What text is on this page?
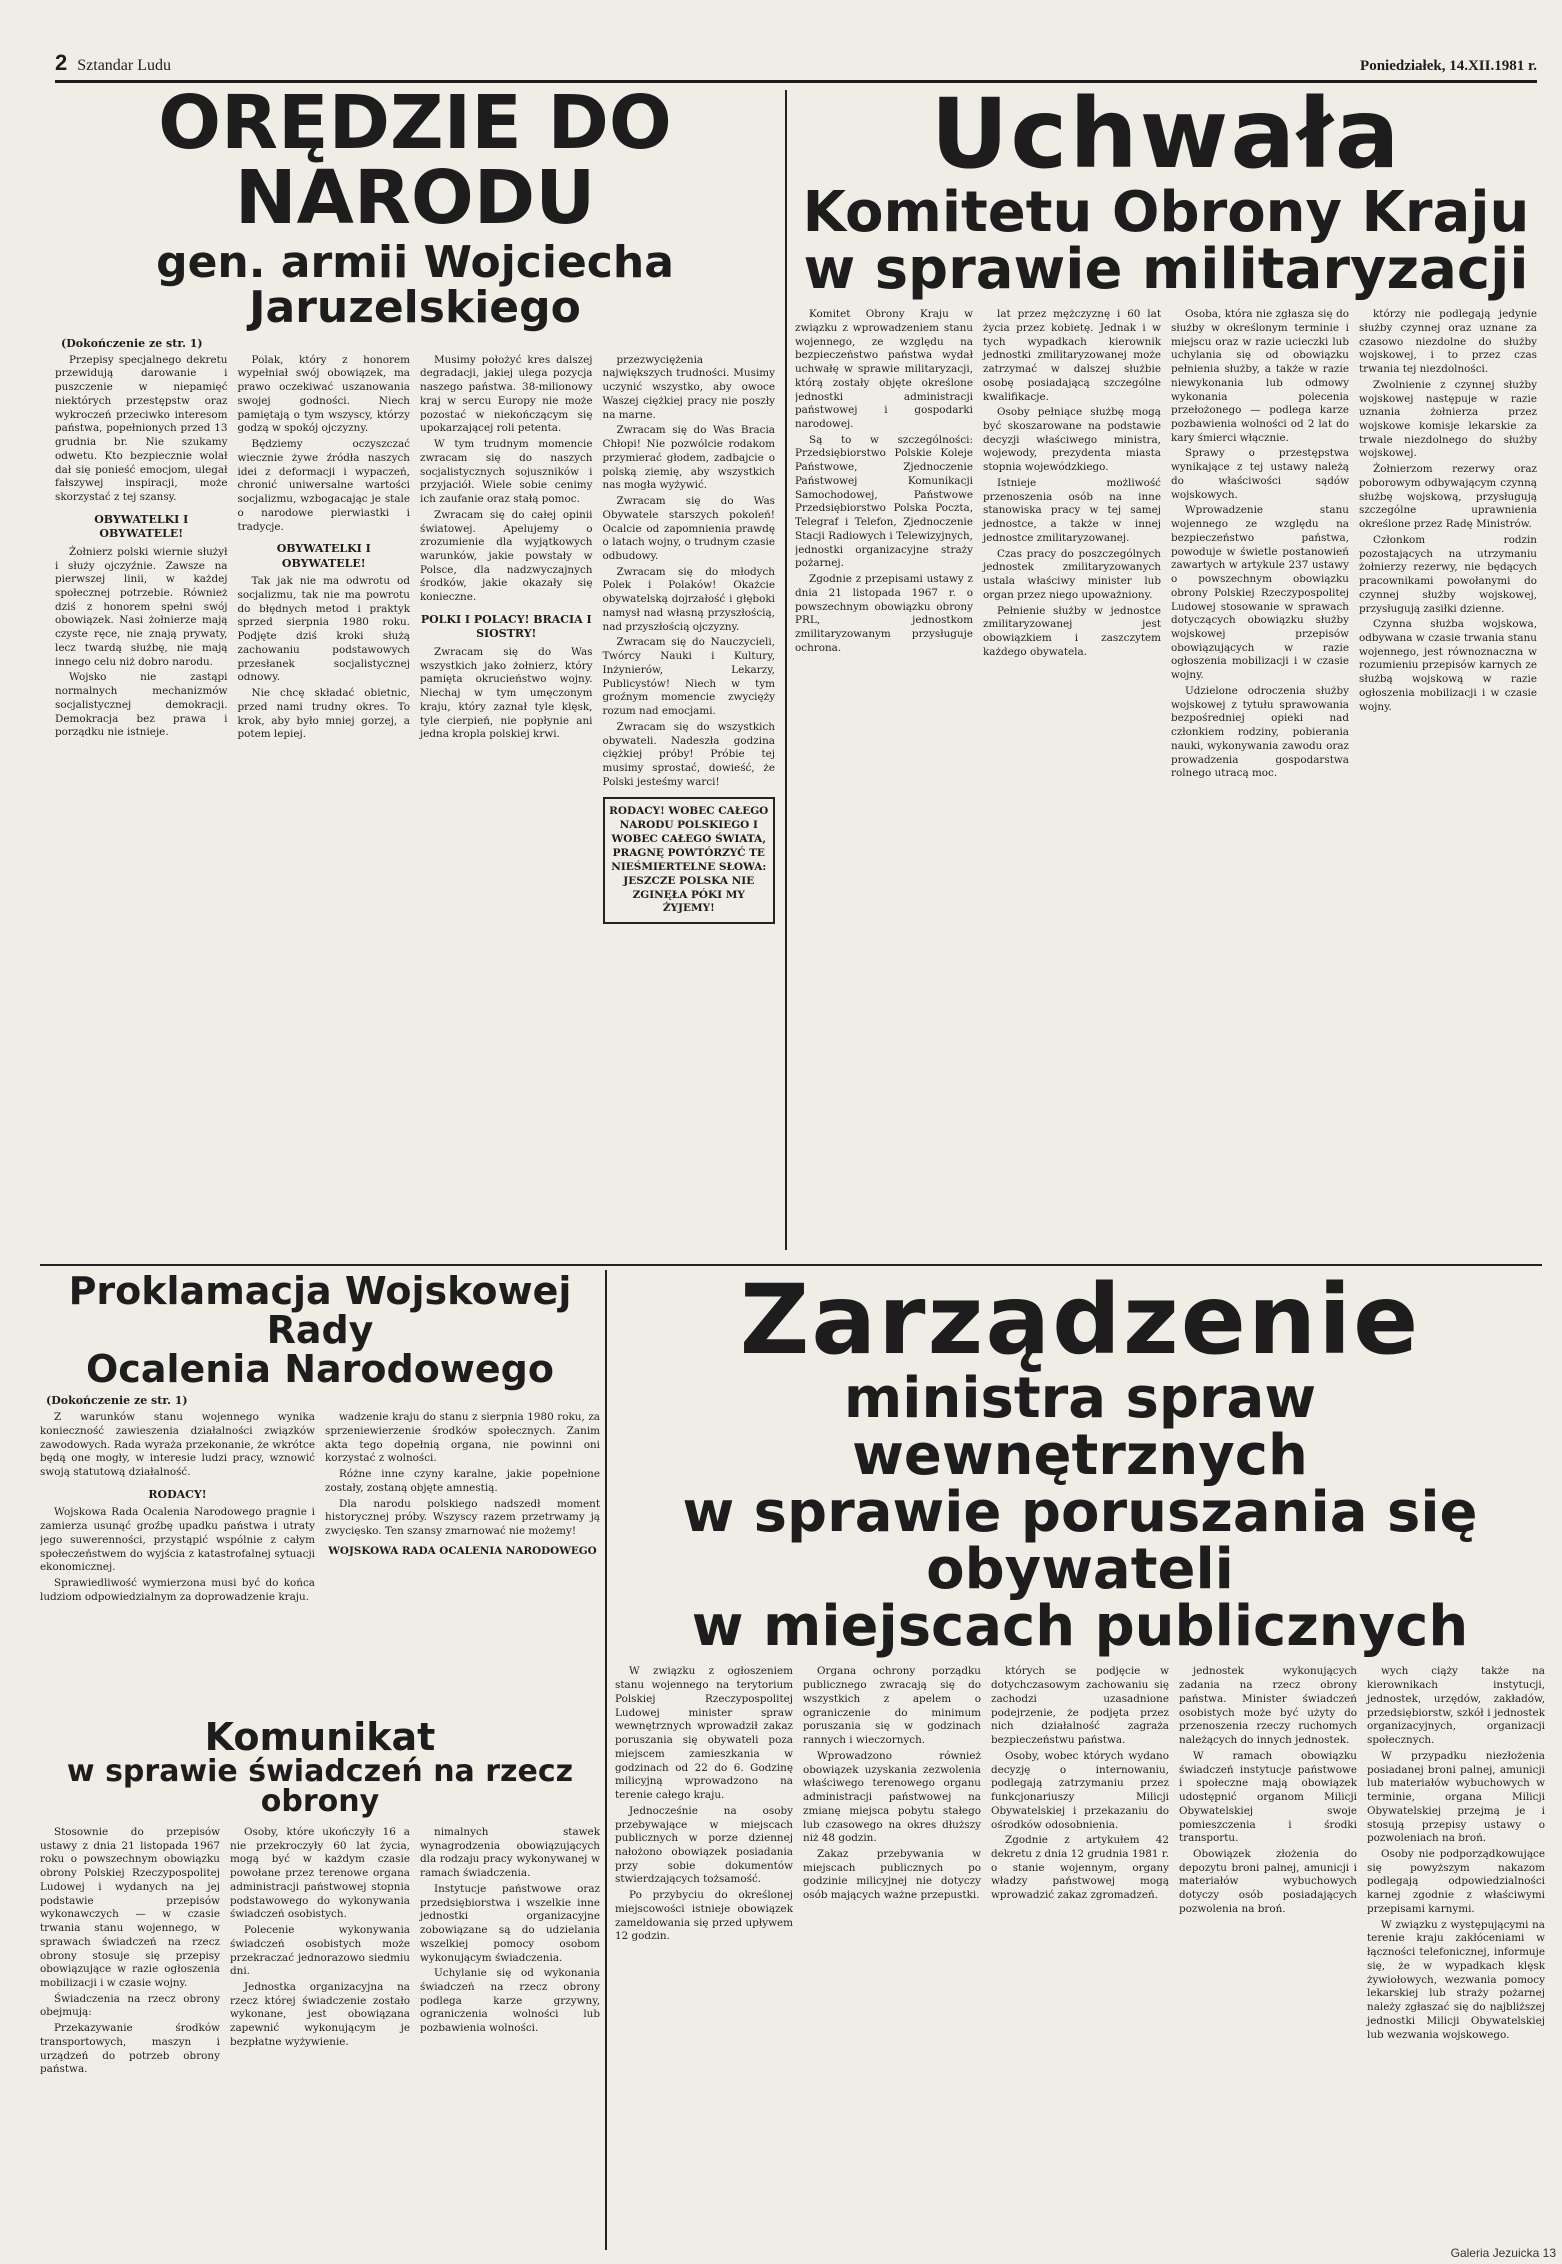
2 Sztandar Ludu	Poniedziałek, 14.XII.1981 r.
ORĘDZIE DO NARODU
gen. armii Wojciecha Jaruzelskiego
(Dokończenie ze str. 1)

Przepisy specjalnego dekretu przewidują darowanie i puszczenie w niepamięć niektórych przestępstw oraz wykroczeń przeciwko interesom państwa, popełnionych przed 13 grudnia br. Nie szukamy odwetu. Kto bezpiecznie wolał dał się ponieść emocjom, ulegał fałszywej inspiracji, może skorzystać z tej szansy.

OBYWATELKI I OBYWATELE!

Żołnierz polski wiernie służył i służy ojczyźnie. Zawsze na pierwszej linii, w każdej społecznej potrzebie. Również dziś z honorem spełni swój obowiązek. Nasi żołnierze mają czyste ręce, nie znają prywaty, lecz twardą służbę, nie mają innego celu niż dobro narodu.

Wojsko nie zastąpi normalnych mechanizmów socjalistycznej demokracji. Demokracja bez prawa i porządku nie istnieje.

Polak, który z honorem wypełniał swój obowiązek, ma prawo oczekiwać uszanowania swojej godności. Niech pamiętają o tym wszyscy, którzy godzą w spokój ojczyzny.

Będziemy oczyszczać wiecznie żywe źródła naszych idei z deformacji i wypaczeń, chronić uniwersalne wartości socjalizmu, wzbogacając je stale o narodowe pierwiastki i tradycje.

OBYWATELKI I OBYWATELE!

Tak jak nie ma odwrotu od socjalizmu, tak nie ma powrotu do błędnych metod i praktyk sprzed sierpnia 1980 roku. Podjęte dziś kroki służą zachowaniu podstawowych przesłanek socjalistycznej odnowy.

Nie chcę składać obietnic, przed nami trudny okres. To krok, aby było mniej gorzej, a potem lepiej.

Musimy położyć kres dalszej degradacji, jakiej ulega pozycja naszego państwa. 38-milionowy kraj w sercu Europy nie może pozostać w niekończącym się upokarzającej roli petenta.

W tym trudnym momencie zwracam się do naszych socjalistycznych sojuszników i przyjaciół. Wiele sobie cenimy ich zaufanie oraz stałą pomoc.

Zwracam się do całej opinii światowej. Apelujemy o zrozumienie dla wyjątkowych warunków, jakie powstały w Polsce, dla nadzwyczajnych środków, jakie okazały się konieczne.

POLKI I POLACY! BRACIA I SIOSTRY!

Zwracam się do Was wszystkich jako żołnierz, który pamięta okrucieństwo wojny. Niechaj w tym umęczonym kraju, który zaznał tyle klęsk, tyle cierpień, nie popłynie ani jedna kropla polskiej krwi.

przezwyciężenia największych trudności. Musimy uczynić wszystko, aby owoce Waszej ciężkiej pracy nie poszły na marne.

Zwracam się do Was Bracia Chłopi! Nie pozwólcie rodakom przymierać głodem, zadbajcie o polską ziemię, aby wszystkich nas mogła wyżywić.

Zwracam się do Was Obywatele starszych pokoleń! Ocalcie od zapomnienia prawdę o latach wojny, o trudnym czasie odbudowy.

Zwracam się do młodych Polek i Polaków! Okażcie obywatelską dojrzałość i głęboki namysł nad własną przyszłością, nad przyszłością ojczyzny.

Zwracam się do Nauczycieli, Twórcy Nauki i Kultury, Inżynierów, Lekarzy, Publicystów! Niech w tym groźnym momencie zwycięży rozum nad emocjami.

Zwracam się do wszystkich obywateli. Nadeszła godzina ciężkiej próby! Próbie tej musimy sprostać, dowieść, że Polski jesteśmy warci!

RODACY! WOBEC CAŁEGO NARODU POLSKIEGO I WOBEC CAŁEGO ŚWIATA, PRAGNĘ POWTÓRZYĆ TE NIEŚMIERTELNE SŁOWA: JESZCZE POLSKA NIE ZGINĘŁA PÓKI MY ŻYJEMY!

Uchwała
Komitetu Obrony Kraju
w sprawie militaryzacji

Komitet Obrony Kraju w związku z wprowadzeniem stanu wojennego, ze względu na bezpieczeństwo państwa wydał uchwałę w sprawie militaryzacji, którą zostały objęte określone jednostki administracji państwowej i gospodarki narodowej.

Są to w szczególności: Przedsiębiorstwo Polskie Koleje Państwowe, Zjednoczenie Państwowej Komunikacji Samochodowej, Państwowe Przedsiębiorstwo Polska Poczta, Telegraf i Telefon, Zjednoczenie Stacji Radiowych i Telewizyjnych, jednostki organizacyjne straży pożarnej.

Zgodnie z przepisami ustawy z dnia 21 listopada 1967 r. o powszechnym obowiązku obrony PRL, jednostkom zmilitaryzowanym przysługuje ochrona.

lat przez mężczyznę i 60 lat życia przez kobietę. Jednak i w tych wypadkach kierownik jednostki zmilitaryzowanej może zatrzymać w dalszej służbie osobę posiadającą szczególne kwalifikacje.

Osoby pełniące służbę mogą być skoszarowane na podstawie decyzji właściwego ministra, wojewody, prezydenta miasta stopnia wojewódzkiego.

Istnieje możliwość przenoszenia osób na inne stanowiska pracy w tej samej jednostce, a także w innej jednostce zmilitaryzowanej.

Czas pracy do poszczególnych jednostek zmilitaryzowanych ustala właściwy minister lub organ przez niego upoważniony.

Pełnienie służby w jednostce zmilitaryzowanej jest obowiązkiem i zaszczytem każdego obywatela.

Osoba, która nie zgłasza się do służby w określonym terminie i miejscu oraz w razie ucieczki lub uchylania się od obowiązku pełnienia służby, a także w razie niewykonania lub odmowy wykonania polecenia przełożonego — podlega karze pozbawienia wolności od 2 lat do kary śmierci włącznie.

Sprawy o przestępstwa wynikające z tej ustawy należą do właściwości sądów wojskowych.

Wprowadzenie stanu wojennego ze względu na bezpieczeństwo państwa, powoduje w świetle postanowień zawartych w artykule 237 ustawy o powszechnym obowiązku obrony Polskiej Rzeczypospolitej Ludowej stosowanie w sprawach dotyczących obowiązku służby wojskowej przepisów obowiązujących w razie ogłoszenia mobilizacji i w czasie wojny.

Udzielone odroczenia służby wojskowej z tytułu sprawowania bezpośredniej opieki nad członkiem rodziny, pobierania nauki, wykonywania zawodu oraz prowadzenia gospodarstwa rolnego utracą moc.

którzy nie podlegają jedynie służby czynnej oraz uznane za czasowo niezdolne do służby wojskowej, i to przez czas trwania tej niezdolności.

Zwolnienie z czynnej służby wojskowej następuje w razie uznania żołnierza przez wojskowe komisje lekarskie za trwale niezdolnego do służby wojskowej.

Żołnierzom rezerwy oraz poborowym odbywającym czynną służbę wojskową, przysługują szczególne uprawnienia określone przez Radę Ministrów.

Członkom rodzin pozostających na utrzymaniu żołnierzy rezerwy, nie będących pracownikami powołanymi do czynnej służby wojskowej, przysługują zasiłki dzienne.

Czynna służba wojskowa, odbywana w czasie trwania stanu wojennego, jest równoznaczna w rozumieniu przepisów karnych ze służbą wojskową w razie ogłoszenia mobilizacji i w czasie wojny.

Proklamacja Wojskowej Rady
Ocalenia Narodowego
(Dokończenie ze str. 1)

Z warunków stanu wojennego wynika konieczność zawieszenia działalności związków zawodowych. Rada wyraża przekonanie, że wkrótce będą one mogły, w interesie ludzi pracy, wznowić swoją statutową działalność.

RODACY!

Wojskowa Rada Ocalenia Narodowego pragnie i zamierza usunąć groźbę upadku państwa i utraty jego suwerenności, przystąpić wspólnie z całym społeczeństwem do wyjścia z katastrofalnej sytuacji ekonomicznej.

Sprawiedliwość wymierzona musi być do końca ludziom odpowiedzialnym za doprowadzenie kraju.

wadzenie kraju do stanu z sierpnia 1980 roku, za sprzeniewierzenie środków społecznych. Zanim akta tego dopełnią organa, nie powinni oni korzystać z wolności.

Różne inne czyny karalne, jakie popełnione zostały, zostaną objęte amnestią.

Dla narodu polskiego nadszedł moment historycznej próby. Wszyscy razem przetrwamy ją zwycięsko. Ten szansy zmarnować nie możemy!

WOJSKOWA RADA OCALENIA NARODOWEGO

Komunikat
w sprawie świadczeń na rzecz obrony

Stosownie do przepisów ustawy z dnia 21 listopada 1967 roku o powszechnym obowiązku obrony Polskiej Rzeczypospolitej Ludowej i wydanych na jej podstawie przepisów wykonawczych — w czasie trwania stanu wojennego, w sprawach świadczeń na rzecz obrony stosuje się przepisy obowiązujące w razie ogłoszenia mobilizacji i w czasie wojny.

Świadczenia na rzecz obrony obejmują:

Przekazywanie środków transportowych, maszyn i urządzeń do potrzeb obrony państwa.

Osoby, które ukończyły 16 a nie przekroczyły 60 lat życia, mogą być w każdym czasie powołane przez terenowe organa administracji państwowej stopnia podstawowego do wykonywania świadczeń osobistych.

Polecenie wykonywania świadczeń osobistych może przekraczać jednorazowo siedmiu dni.

Jednostka organizacyjna na rzecz której świadczenie zostało wykonane, jest obowiązana zapewnić wykonującym je bezpłatne wyżywienie.

nimalnych stawek wynagrodzenia obowiązujących dla rodzaju pracy wykonywanej w ramach świadczenia.

Instytucje państwowe oraz przedsiębiorstwa i wszelkie inne jednostki organizacyjne zobowiązane są do udzielania wszelkiej pomocy osobom wykonującym świadczenia.

Uchylanie się od wykonania świadczeń na rzecz obrony podlega karze grzywny, ograniczenia wolności lub pozbawienia wolności.

Zarządzenie
ministra spraw wewnętrznych
w sprawie poruszania się obywateli
w miejscach publicznych

W związku z ogłoszeniem stanu wojennego na terytorium Polskiej Rzeczypospolitej Ludowej minister spraw wewnętrznych wprowadził zakaz poruszania się obywateli poza miejscem zamieszkania w godzinach od 22 do 6. Godzinę milicyjną wprowadzono na terenie całego kraju.

Jednocześnie na osoby przebywające w miejscach publicznych w porze dziennej nałożono obowiązek posiadania przy sobie dokumentów stwierdzających tożsamość.

Po przybyciu do określonej miejscowości istnieje obowiązek zameldowania się przed upływem 12 godzin.

Organa ochrony porządku publicznego zwracają się do wszystkich z apelem o ograniczenie do minimum poruszania się w godzinach rannych i wieczornych.

Wprowadzono również obowiązek uzyskania zezwolenia właściwego terenowego organu administracji państwowej na zmianę miejsca pobytu stałego lub czasowego na okres dłuższy niż 48 godzin.

Zakaz przebywania w miejscach publicznych po godzinie milicyjnej nie dotyczy osób mających ważne przepustki.

których se podjęcie w dotychczasowym zachowaniu się zachodzi uzasadnione podejrzenie, że podjęta przez nich działalność zagraża bezpieczeństwu państwa.

Osoby, wobec których wydano decyzję o internowaniu, podlegają zatrzymaniu przez funkcjonariuszy Milicji Obywatelskiej i przekazaniu do ośrodków odosobnienia.

Zgodnie z artykułem 42 dekretu z dnia 12 grudnia 1981 r. o stanie wojennym, organy władzy państwowej mogą wprowadzić zakaz zgromadzeń.

jednostek wykonujących zadania na rzecz obrony państwa. Minister świadczeń osobistych może być użyty do przenoszenia rzeczy ruchomych należących do innych jednostek.

W ramach obowiązku świadczeń instytucje państwowe i społeczne mają obowiązek udostępnić organom Milicji Obywatelskiej swoje pomieszczenia i środki transportu.

Obowiązek złożenia do depozytu broni palnej, amunicji i materiałów wybuchowych dotyczy osób posiadających pozwolenia na broń.

wych ciąży także na kierownikach instytucji, jednostek, urzędów, zakładów, przedsiębiorstw, szkół i jednostek organizacyjnych, organizacji społecznych.

W przypadku niezłożenia posiadanej broni palnej, amunicji lub materiałów wybuchowych w terminie, organa Milicji Obywatelskiej przejmą je i stosują przepisy ustawy o pozwoleniach na broń.

Osoby nie podporządkowujące się powyższym nakazom podlegają odpowiedzialności karnej zgodnie z właściwymi przepisami karnymi.

W związku z występującymi na terenie kraju zakłóceniami w łączności telefonicznej, informuje się, że w wypadkach klęsk żywiołowych, wezwania pomocy lekarskiej lub straży pożarnej należy zgłaszać się do najbliższej jednostki Milicji Obywatelskiej lub wezwania wojskowego.

Galeria Jezuicka 13
